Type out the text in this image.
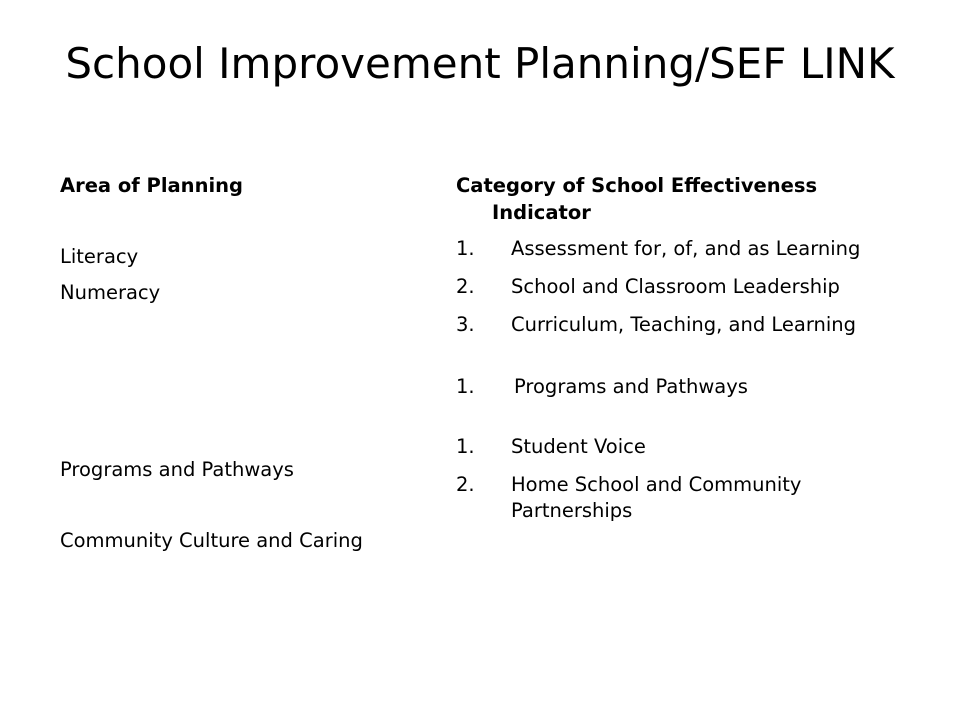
School Improvement Planning/SEF LINK
Area of Planning
Literacy
Numeracy
Programs and Pathways
Community Culture and Caring
Category of School Effectiveness Indicator
1. Assessment for, of, and as Learning
2. School and Classroom Leadership
3. Curriculum, Teaching, and Learning
1. Programs and Pathways
1. Student Voice
2. Home School and Community Partnerships
